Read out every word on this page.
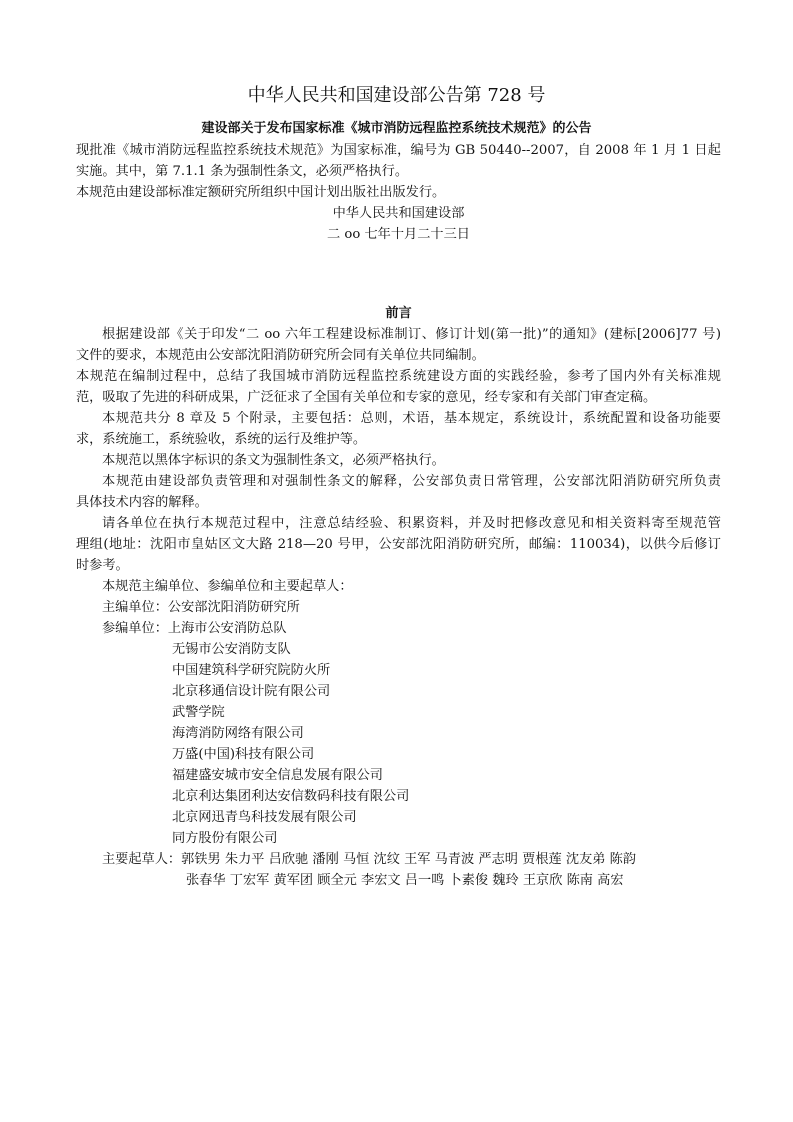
中华人民共和国建设部公告第 728 号
建设部关于发布国家标准《城市消防远程监控系统技术规范》的公告
现批准《城市消防远程监控系统技术规范》为国家标准，编号为 GB 50440--2007，自 2008 年 1 月 1 日起
实施。其中，第 7.1.1 条为强制性条文，必须严格执行。
本规范由建设部标准定额研究所组织中国计划出版社出版发行。
中华人民共和国建设部
二 oo 七年十月二十三日
前言
根据建设部《关于印发“二 oo 六年工程建设标准制订、修订计划(第一批)”的通知》(建标[2006]77 号)
文件的要求，本规范由公安部沈阳消防研究所会同有关单位共同编制。
本规范在编制过程中，总结了我国城市消防远程监控系统建设方面的实践经验，参考了国内外有关标准规
范，吸取了先进的科研成果，广泛征求了全国有关单位和专家的意见，经专家和有关部门审查定稿。
本规范共分 8 章及 5 个附录，主要包括：总则，术语，基本规定，系统设计，系统配置和设备功能要
求，系统施工，系统验收，系统的运行及维护等。
本规范以黑体字标识的条文为强制性条文，必须严格执行。
本规范由建设部负责管理和对强制性条文的解释，公安部负责日常管理，公安部沈阳消防研究所负责
具体技术内容的解释。
请各单位在执行本规范过程中，注意总结经验、积累资料，并及时把修改意见和相关资料寄至规范管
理组(地址：沈阳市皇姑区文大路 218—20 号甲，公安部沈阳消防研究所，邮编：110034)，以供今后修订
时参考。
本规范主编单位、参编单位和主要起草人：
主编单位：公安部沈阳消防研究所
参编单位：上海市公安消防总队
无锡市公安消防支队
中国建筑科学研究院防火所
北京移通信设计院有限公司
武警学院
海湾消防网络有限公司
万盛(中国)科技有限公司
福建盛安城市安全信息发展有限公司
北京利达集团利达安信数码科技有限公司
北京网迅青鸟科技发展有限公司
同方股份有限公司
主要起草人：郭铁男 朱力平 吕欣驰 潘刚 马恒 沈纹 王军 马青波 严志明 贾根莲 沈友弟 陈韵
张春华 丁宏军 黄军团 顾全元 李宏文 吕一鸣 卜素俊 魏玲 王京欣 陈南 高宏
